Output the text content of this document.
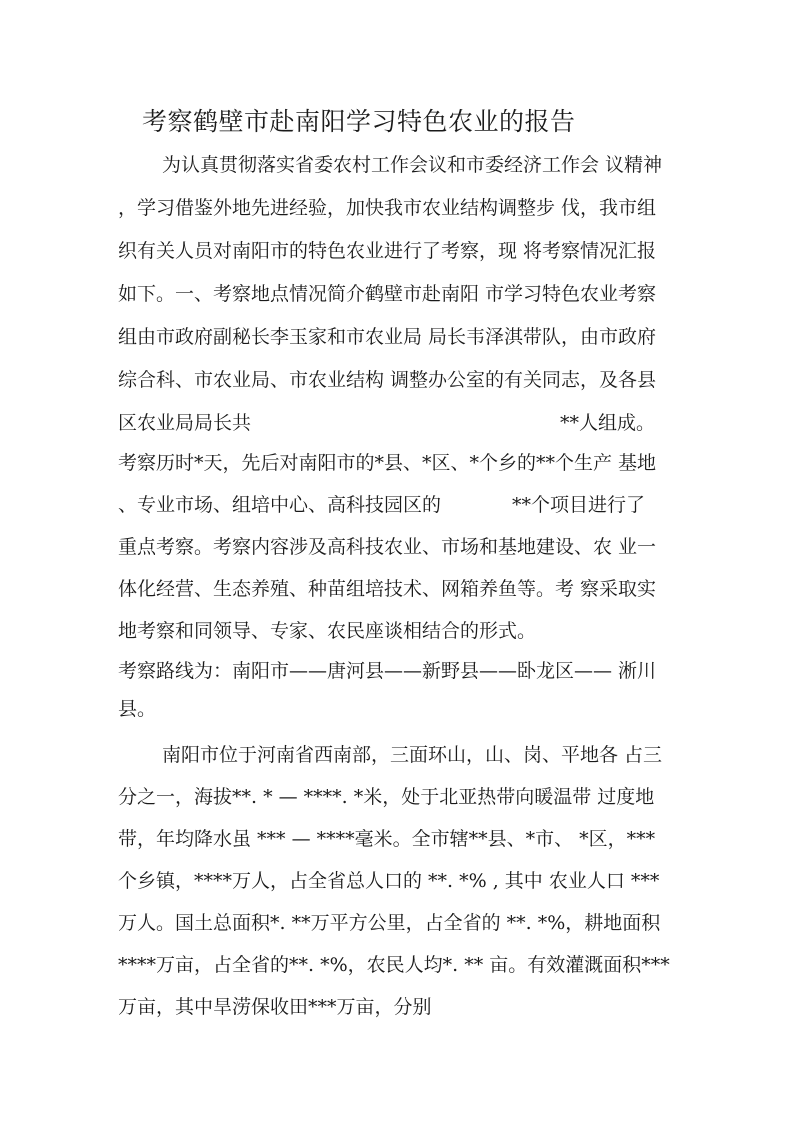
考察鹤壁市赴南阳学习特色农业的报告
为认真贯彻落实省委农村工作会议和市委经济工作会 议精神
，学习借鉴外地先进经验，加快我市农业结构调整步 伐，我市组
织有关人员对南阳市的特色农业进行了考察，现 将考察情况汇报
如下。一、考察地点情况简介鹤壁市赴南阳 市学习特色农业考察
组由市政府副秘长李玉家和市农业局 局长韦泽淇带队，由市政府
综合科、市农业局、市农业结构 调整办公室的有关同志，及各县
区农业局局长共	**人组成。
考察历时*天，先后对南阳市的*县、*区、*个乡的**个生产 基地
、专业市场、组培中心、高科技园区的	**个项目进行了
重点考察。考察内容涉及高科技农业、市场和基地建设、农 业一
体化经营、生态养殖、种苗组培技术、网箱养鱼等。考 察采取实
地考察和同领导、专家、农民座谈相结合的形式。
考察路线为：南阳市——唐河县——新野县——卧龙区—— 淅川
县。
南阳市位于河南省西南部，三面环山，山、岗、平地各 占三
分之一，海拔**. * — ****. *米，处于北亚热带向暖温带 过度地
带，年均降水虽 *** — ****毫米。全市辖**县、*市、 *区，***
个乡镇，****万人，占全省总人口的 **. *% , 其中 农业人口 ***
万人。国土总面积*. **万平方公里，占全省的 **. *%，耕地面积
****万亩，占全省的**. *%，农民人均*. ** 亩。有效灌溉面积***
万亩，其中旱涝保收田***万亩，分别
